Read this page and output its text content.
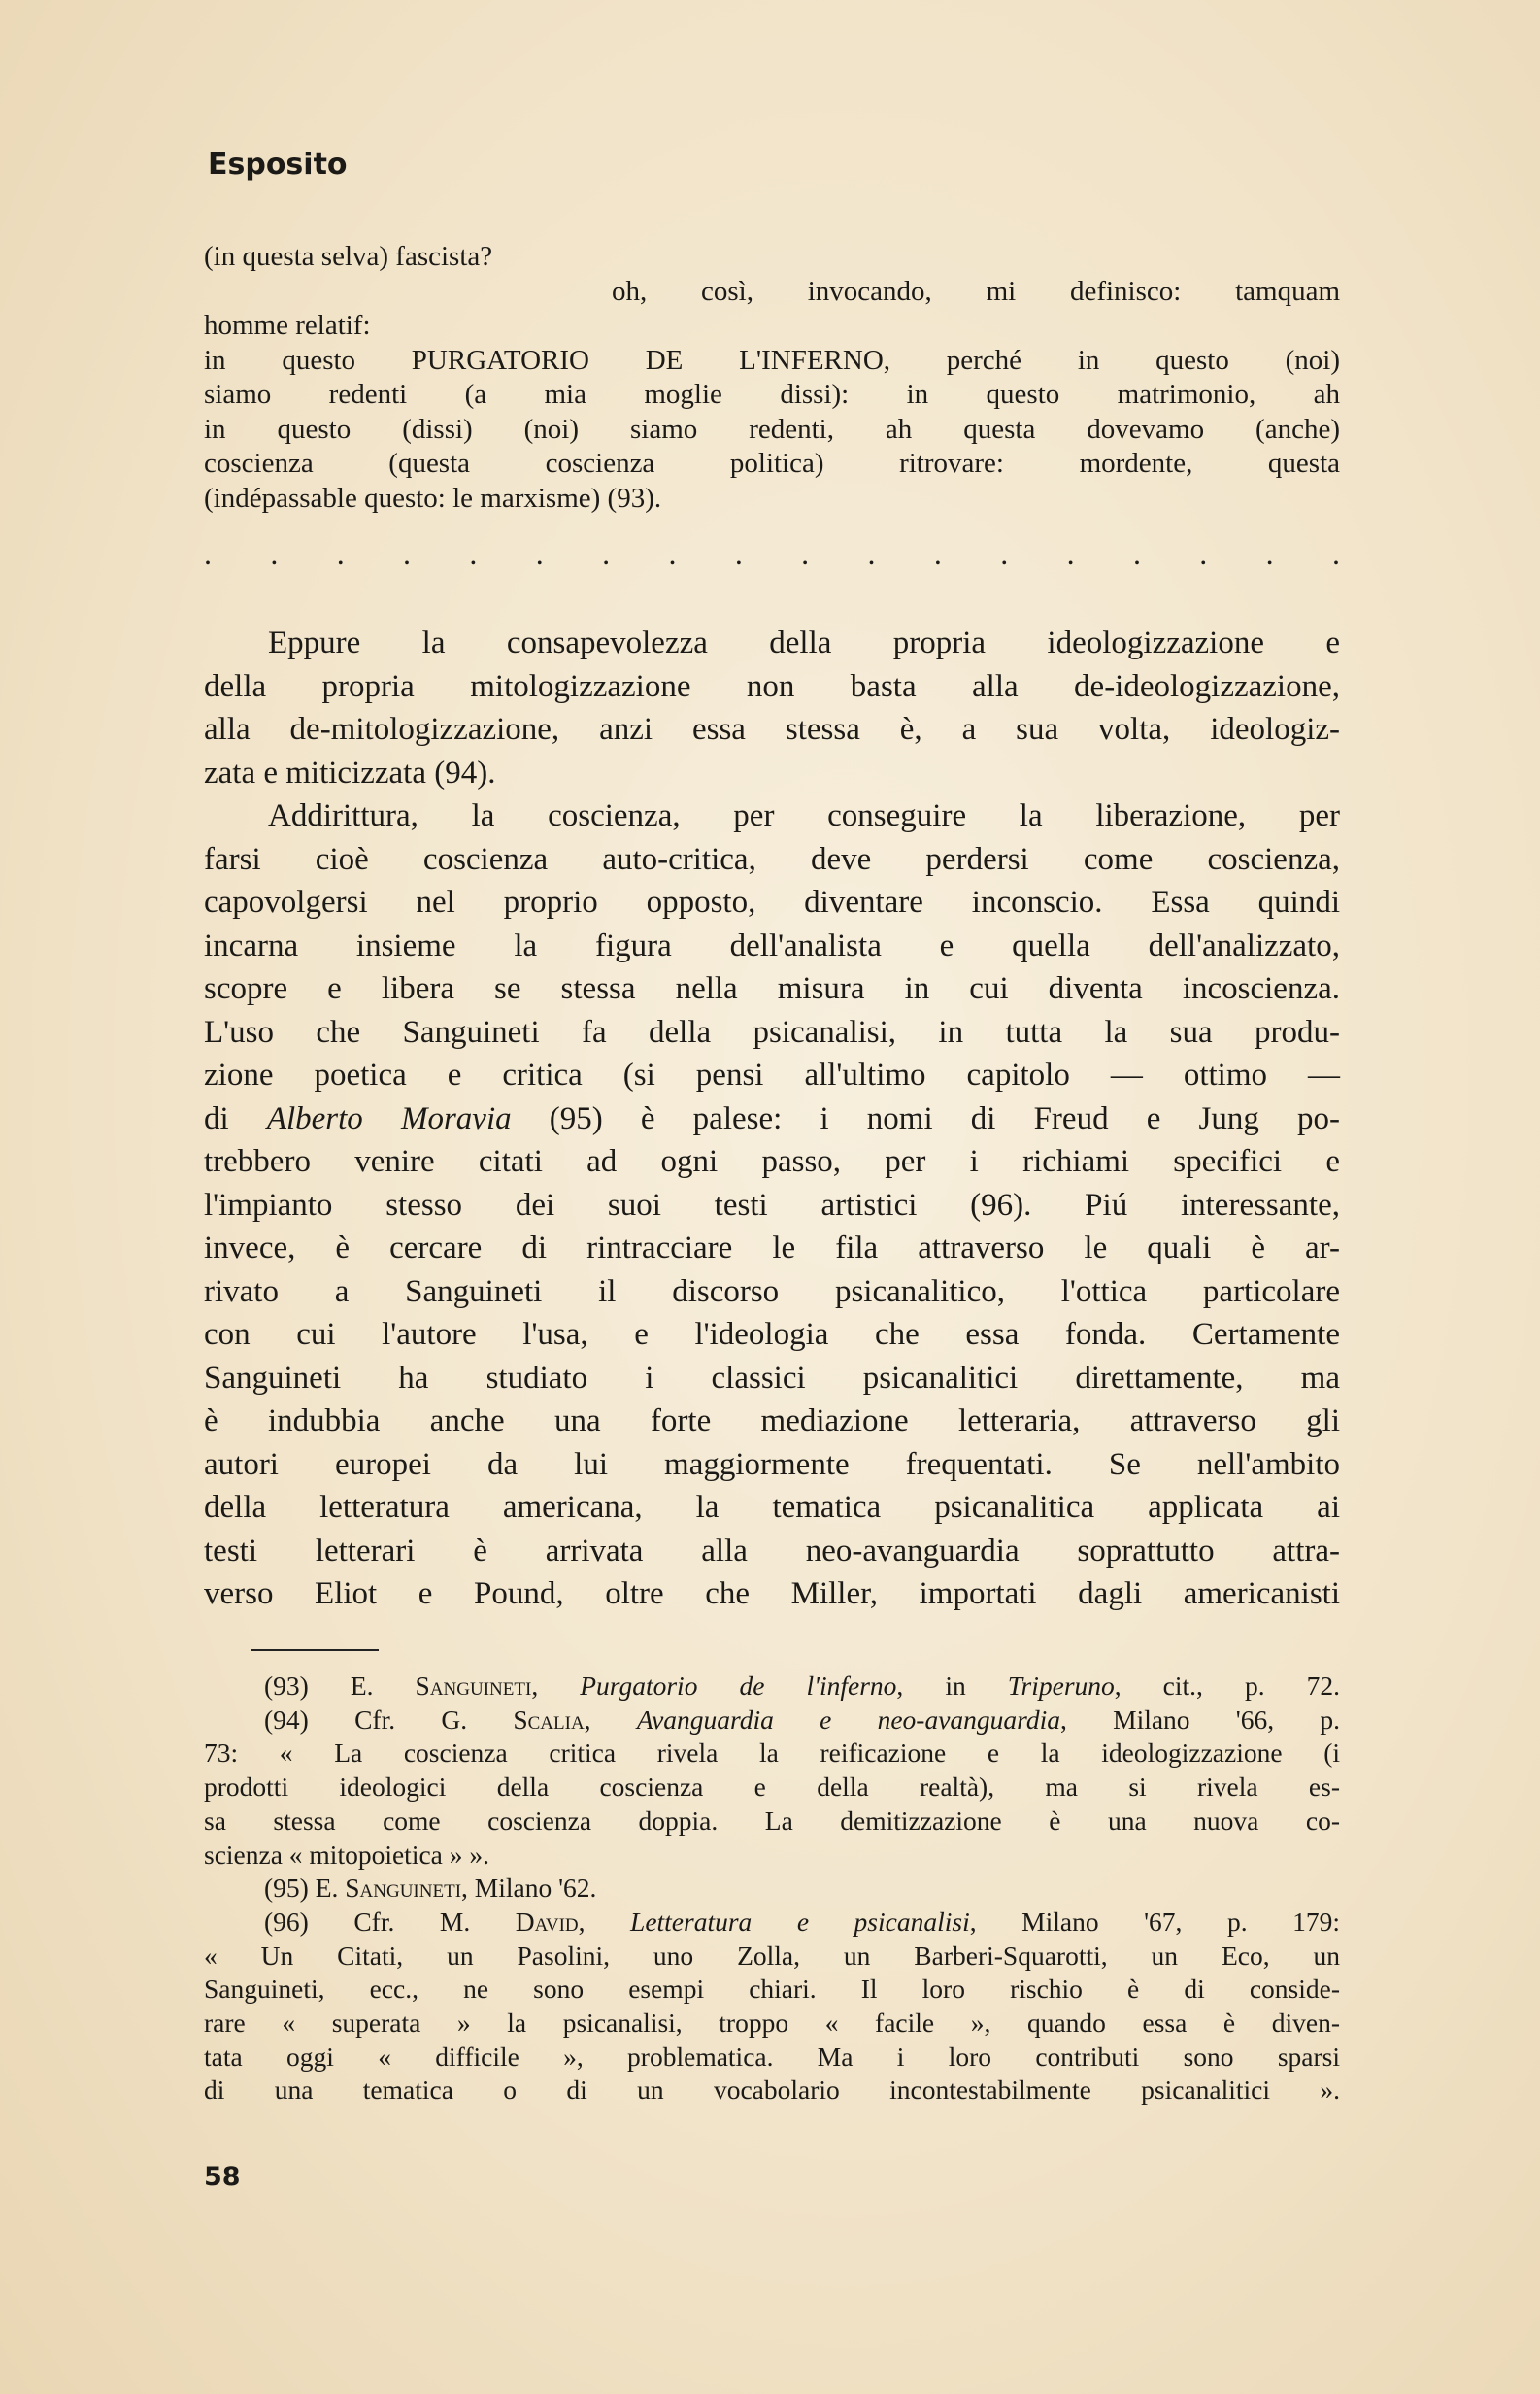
Esposito
(in questa selva) fascista?
oh, così, invocando, mi definisco: tamquam
homme relatif:
in questo PURGATORIO DE L'INFERNO, perché in questo (noi)
siamo redenti (a mia moglie dissi): in questo matrimonio, ah
in questo (dissi) (noi) siamo redenti, ah questa dovevamo (anche)
coscienza (questa coscienza politica) ritrovare: mordente, questa
(indépassable questo: le marxisme) (93).
. . . . . . . . . . . . . . . . . .
Eppure la consapevolezza della propria ideologizzazione e
della propria mitologizzazione non basta alla de-ideologizzazione,
alla de-mitologizzazione, anzi essa stessa è, a sua volta, ideologiz-
zata e miticizzata (94).
Addirittura, la coscienza, per conseguire la liberazione, per
farsi cioè coscienza auto-critica, deve perdersi come coscienza,
capovolgersi nel proprio opposto, diventare inconscio. Essa quindi
incarna insieme la figura dell'analista e quella dell'analizzato,
scopre e libera se stessa nella misura in cui diventa incoscienza.
L'uso che Sanguineti fa della psicanalisi, in tutta la sua produ-
zione poetica e critica (si pensi all'ultimo capitolo — ottimo —
di Alberto Moravia (95) è palese: i nomi di Freud e Jung po-
trebbero venire citati ad ogni passo, per i richiami specifici e
l'impianto stesso dei suoi testi artistici (96). Piú interessante,
invece, è cercare di rintracciare le fila attraverso le quali è ar-
rivato a Sanguineti il discorso psicanalitico, l'ottica particolare
con cui l'autore l'usa, e l'ideologia che essa fonda. Certamente
Sanguineti ha studiato i classici psicanalitici direttamente, ma
è indubbia anche una forte mediazione letteraria, attraverso gli
autori europei da lui maggiormente frequentati. Se nell'ambito
della letteratura americana, la tematica psicanalitica applicata ai
testi letterari è arrivata alla neo-avanguardia soprattutto attra-
verso Eliot e Pound, oltre che Miller, importati dagli americanisti
(93) E. Sanguineti, Purgatorio de l'inferno, in Triperuno, cit., p. 72.
(94) Cfr. G. Scalia, Avanguardia e neo-avanguardia, Milano '66, p.
73: « La coscienza critica rivela la reificazione e la ideologizzazione (i
prodotti ideologici della coscienza e della realtà), ma si rivela es-
sa stessa come coscienza doppia. La demitizzazione è una nuova co-
scienza « mitopoietica » ».
(95) E. Sanguineti, Milano '62.
(96) Cfr. M. David, Letteratura e psicanalisi, Milano '67, p. 179:
« Un Citati, un Pasolini, uno Zolla, un Barberi-Squarotti, un Eco, un
Sanguineti, ecc., ne sono esempi chiari. Il loro rischio è di conside-
rare « superata » la psicanalisi, troppo « facile », quando essa è diven-
tata oggi « difficile », problematica. Ma i loro contributi sono sparsi
di una tematica o di un vocabolario incontestabilmente psicanalitici ».
58
